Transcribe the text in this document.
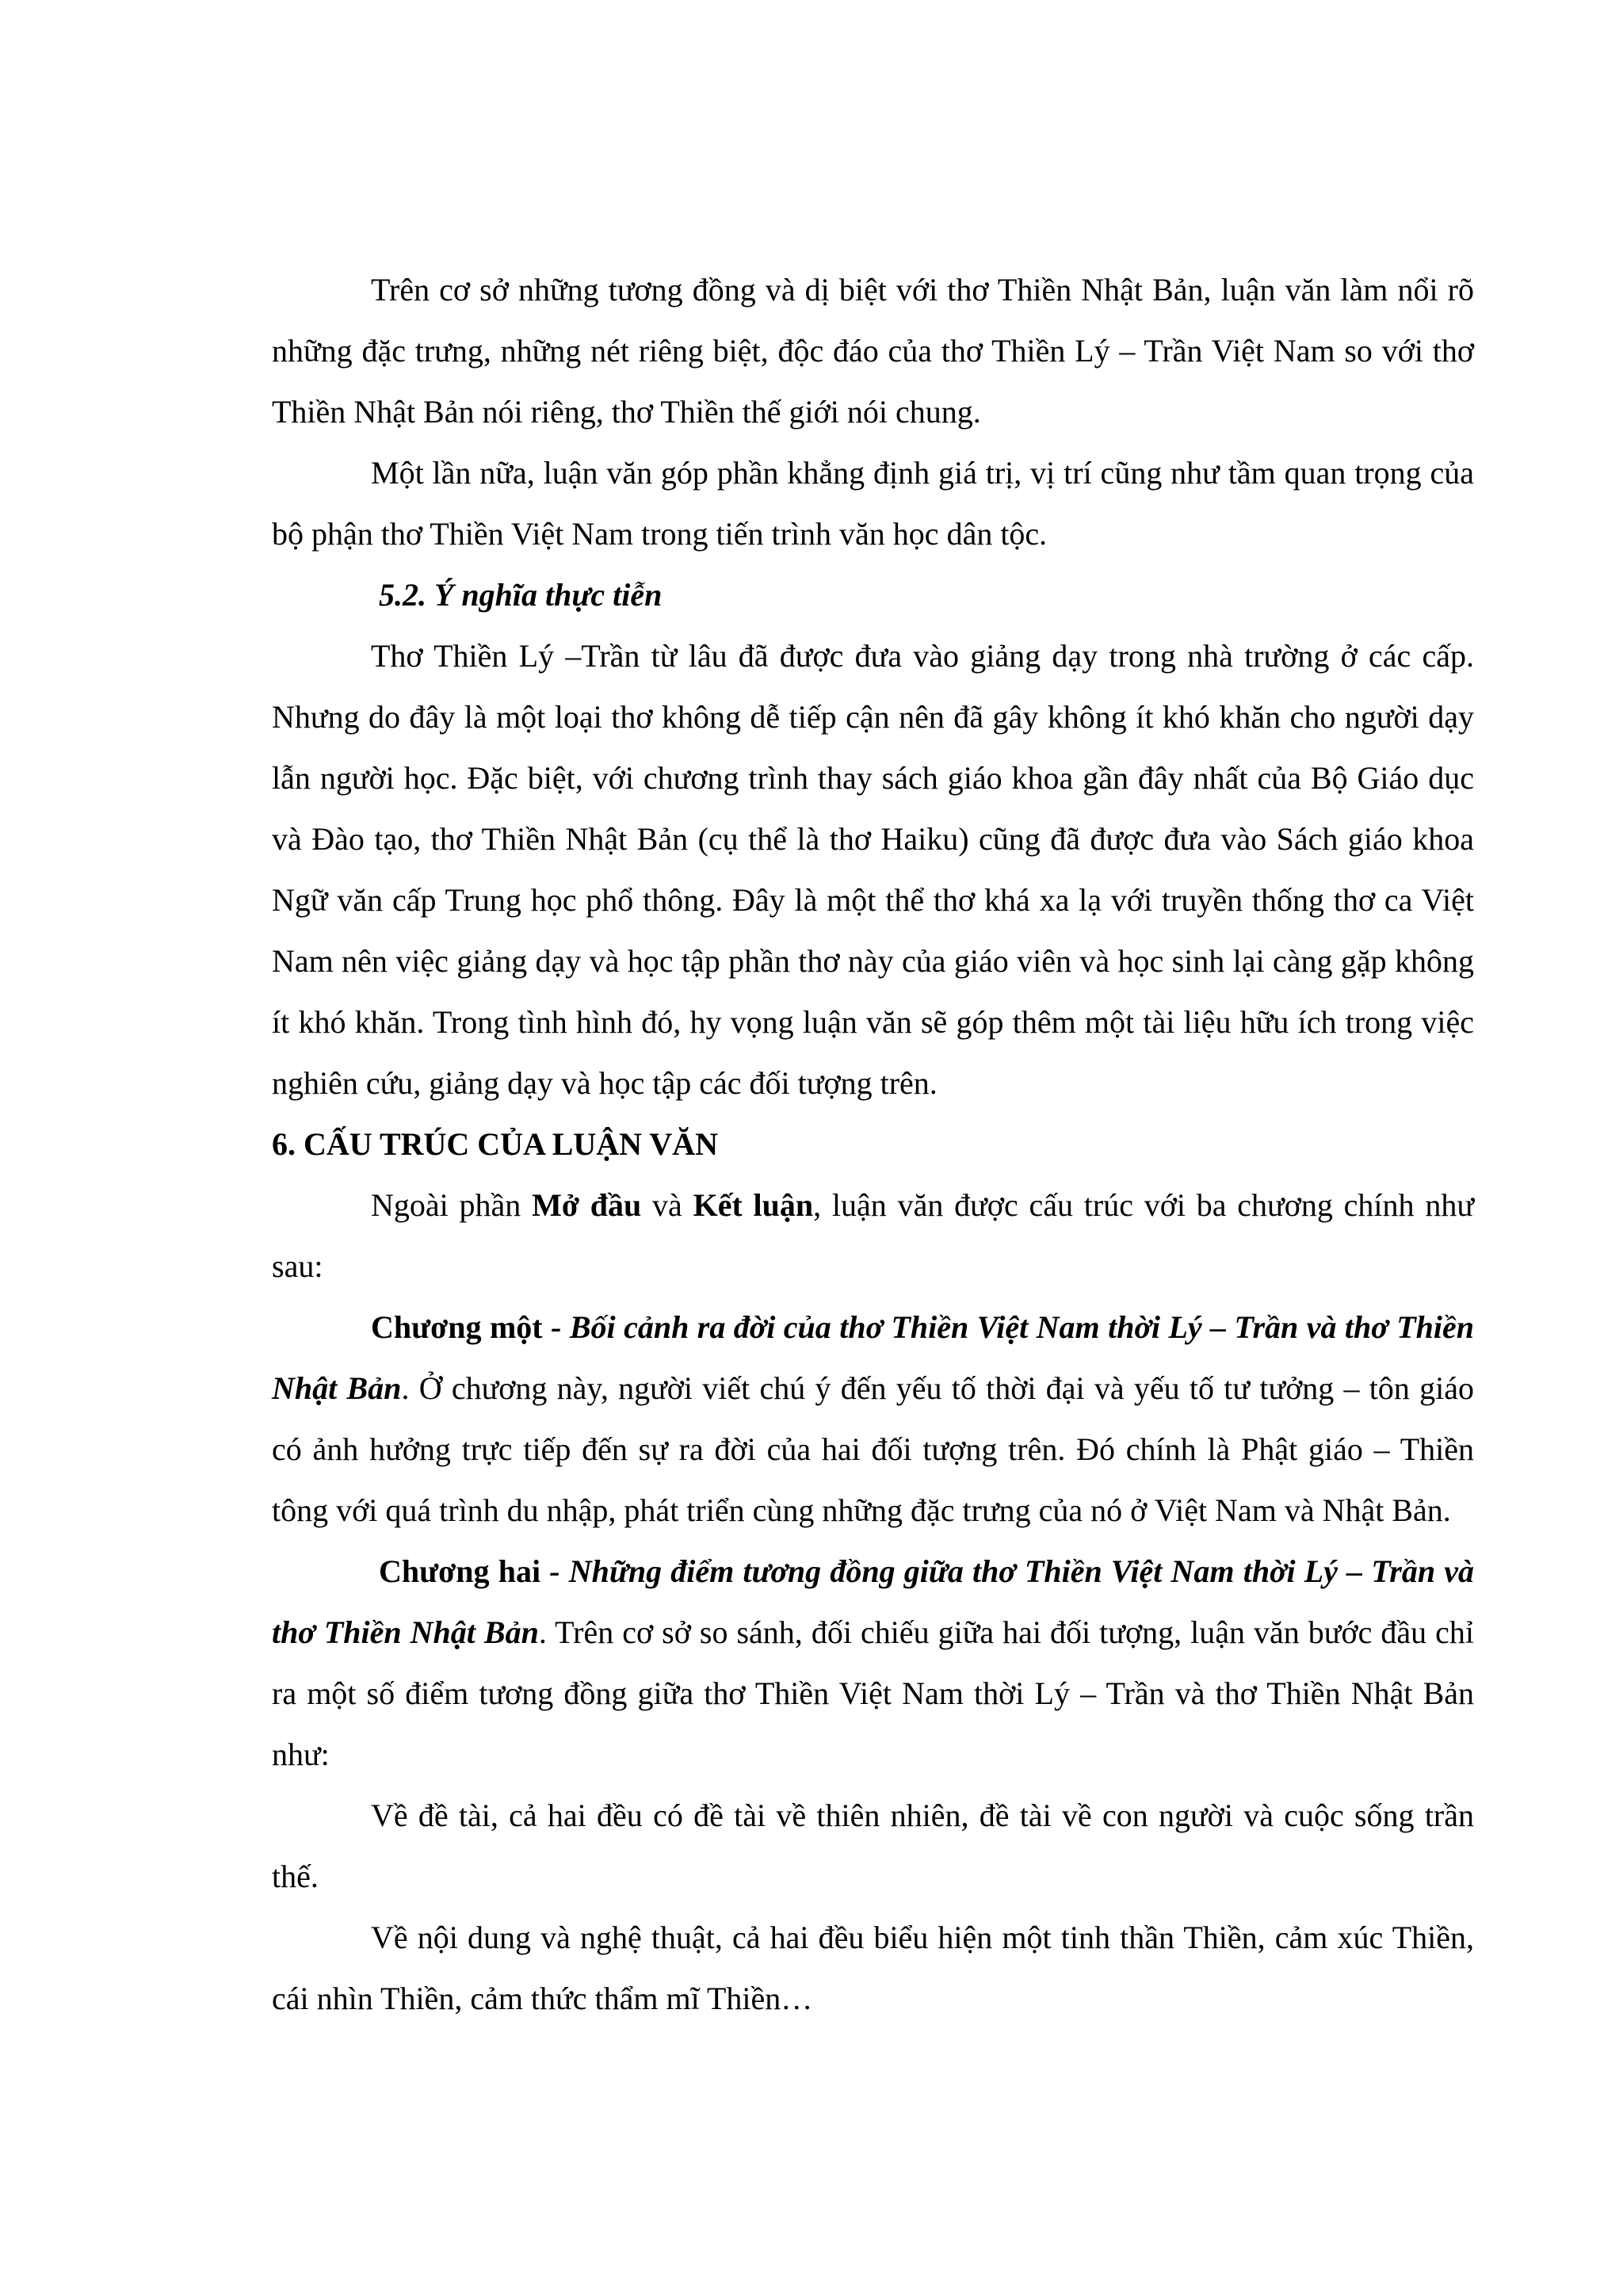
Trên cơ sở những tương đồng và dị biệt với thơ Thiền Nhật Bản, luận văn làm nổi rõ những đặc trưng, những nét riêng biệt, độc đáo của thơ Thiền Lý – Trần Việt Nam so với thơ Thiền Nhật Bản nói riêng, thơ Thiền thế giới nói chung.

Một lần nữa, luận văn góp phần khẳng định giá trị, vị trí cũng như tầm quan trọng của bộ phận thơ Thiền Việt Nam trong tiến trình văn học dân tộc.

5.2. Ý nghĩa thực tiễn

Thơ Thiền Lý –Trần từ lâu đã được đưa vào giảng dạy trong nhà trường ở các cấp. Nhưng do đây là một loại thơ không dễ tiếp cận nên đã gây không ít khó khăn cho người dạy lẫn người học. Đặc biệt, với chương trình thay sách giáo khoa gần đây nhất của Bộ Giáo dục và Đào tạo, thơ Thiền Nhật Bản (cụ thể là thơ Haiku) cũng đã được đưa vào Sách giáo khoa Ngữ văn cấp Trung học phổ thông. Đây là một thể thơ khá xa lạ với truyền thống thơ ca Việt Nam nên việc giảng dạy và học tập phần thơ này của giáo viên và học sinh lại càng gặp không ít khó khăn. Trong tình hình đó, hy vọng luận văn sẽ góp thêm một tài liệu hữu ích trong việc nghiên cứu, giảng dạy và học tập các đối tượng trên.

6. CẤU TRÚC CỦA LUẬN VĂN

Ngoài phần Mở đầu và Kết luận, luận văn được cấu trúc với ba chương chính như sau:

Chương một - Bối cảnh ra đời của thơ Thiền Việt Nam thời Lý – Trần và thơ Thiền Nhật Bản. Ở chương này, người viết chú ý đến yếu tố thời đại và yếu tố tư tưởng – tôn giáo có ảnh hưởng trực tiếp đến sự ra đời của hai đối tượng trên. Đó chính là Phật giáo – Thiền tông với quá trình du nhập, phát triển cùng những đặc trưng của nó ở Việt Nam và Nhật Bản.

Chương hai - Những điểm tương đồng giữa thơ Thiền Việt Nam thời Lý – Trần và thơ Thiền Nhật Bản. Trên cơ sở so sánh, đối chiếu giữa hai đối tượng, luận văn bước đầu chỉ ra một số điểm tương đồng giữa thơ Thiền Việt Nam thời Lý – Trần và thơ Thiền Nhật Bản như:

Về đề tài, cả hai đều có đề tài về thiên nhiên, đề tài về con người và cuộc sống trần thế.

Về nội dung và nghệ thuật, cả hai đều biểu hiện một tinh thần Thiền, cảm xúc Thiền, cái nhìn Thiền, cảm thức thẩm mĩ Thiền…
